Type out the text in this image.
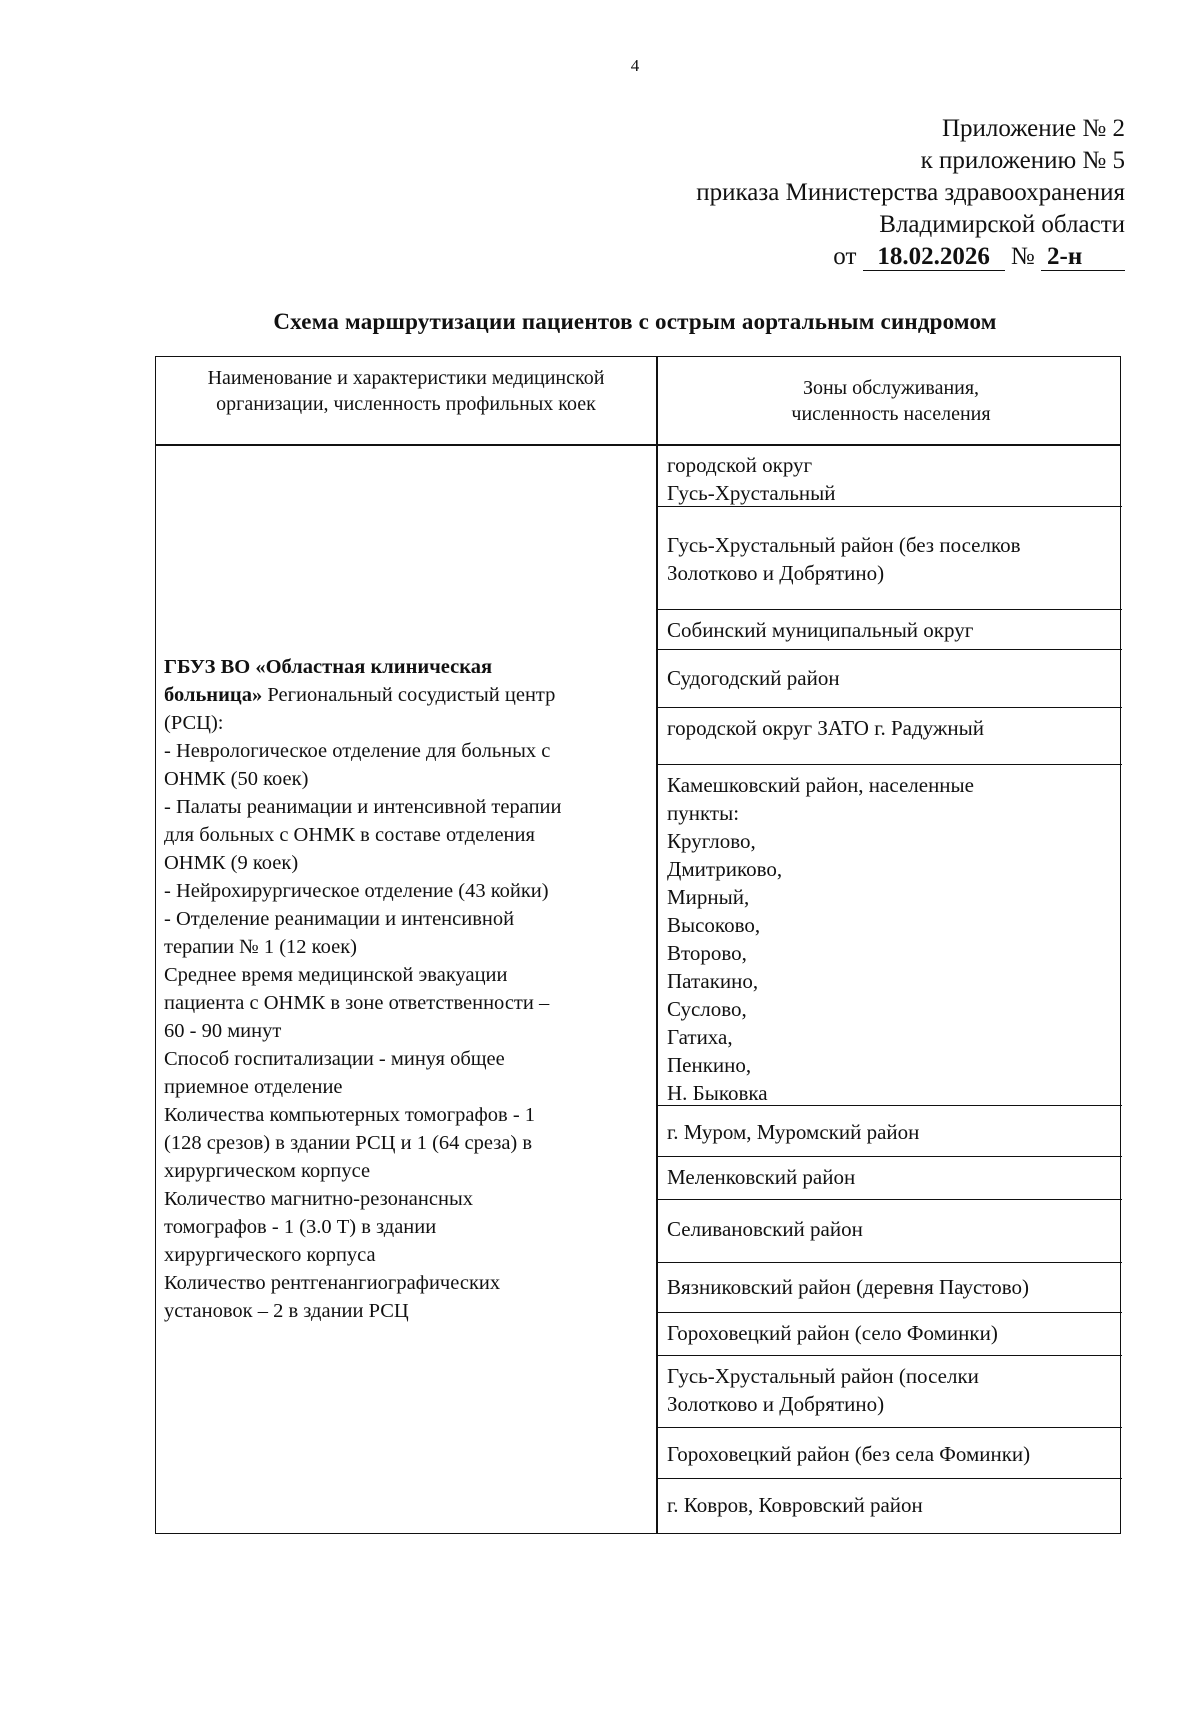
4
Приложение № 2
к приложению № 5
приказа Министерства здравоохранения
Владимирской области
от 18.02.2026 № 2-н
Схема маршрутизации пациентов с острым аортальным синдромом
Наименование и характеристики медицинской организации, численность профильных коек
Зоны обслуживания,
численность населения
ГБУЗ ВО «Областная клиническая
больница» Региональный сосудистый центр
(РСЦ):
- Неврологическое отделение для больных с
ОНМК (50 коек)
- Палаты реанимации и интенсивной терапии
для больных с ОНМК в составе отделения
ОНМК (9 коек)
- Нейрохирургическое отделение (43 койки)
- Отделение реанимации и интенсивной
терапии № 1 (12 коек)
Среднее время медицинской эвакуации
пациента с ОНМК в зоне ответственности –
60 - 90 минут
Способ госпитализации - минуя общее
приемное отделение
Количества компьютерных томографов - 1
(128 срезов) в здании РСЦ и 1 (64 среза) в
хирургическом корпусе
Количество магнитно-резонансных
томографов - 1 (3.0 Т) в здании
хирургического корпуса
Количество рентгенангиографических
установок – 2 в здании РСЦ
городской округ
Гусь-Хрустальный
Гусь-Хрустальный район (без поселков
Золотково и Добрятино)
Собинский муниципальный округ
Судогодский район
городской округ ЗАТО г. Радужный
Камешковский район, населенные
пункты:
Круглово,
Дмитриково,
Мирный,
Высоково,
Второво,
Патакино,
Суслово,
Гатиха,
Пенкино,
Н. Быковка
г. Муром, Муромский район
Меленковский район
Селивановский район
Вязниковский район (деревня Паустово)
Гороховецкий район (село Фоминки)
Гусь-Хрустальный район (поселки
Золотково и Добрятино)
Гороховецкий район (без села Фоминки)
г. Ковров, Ковровский район
